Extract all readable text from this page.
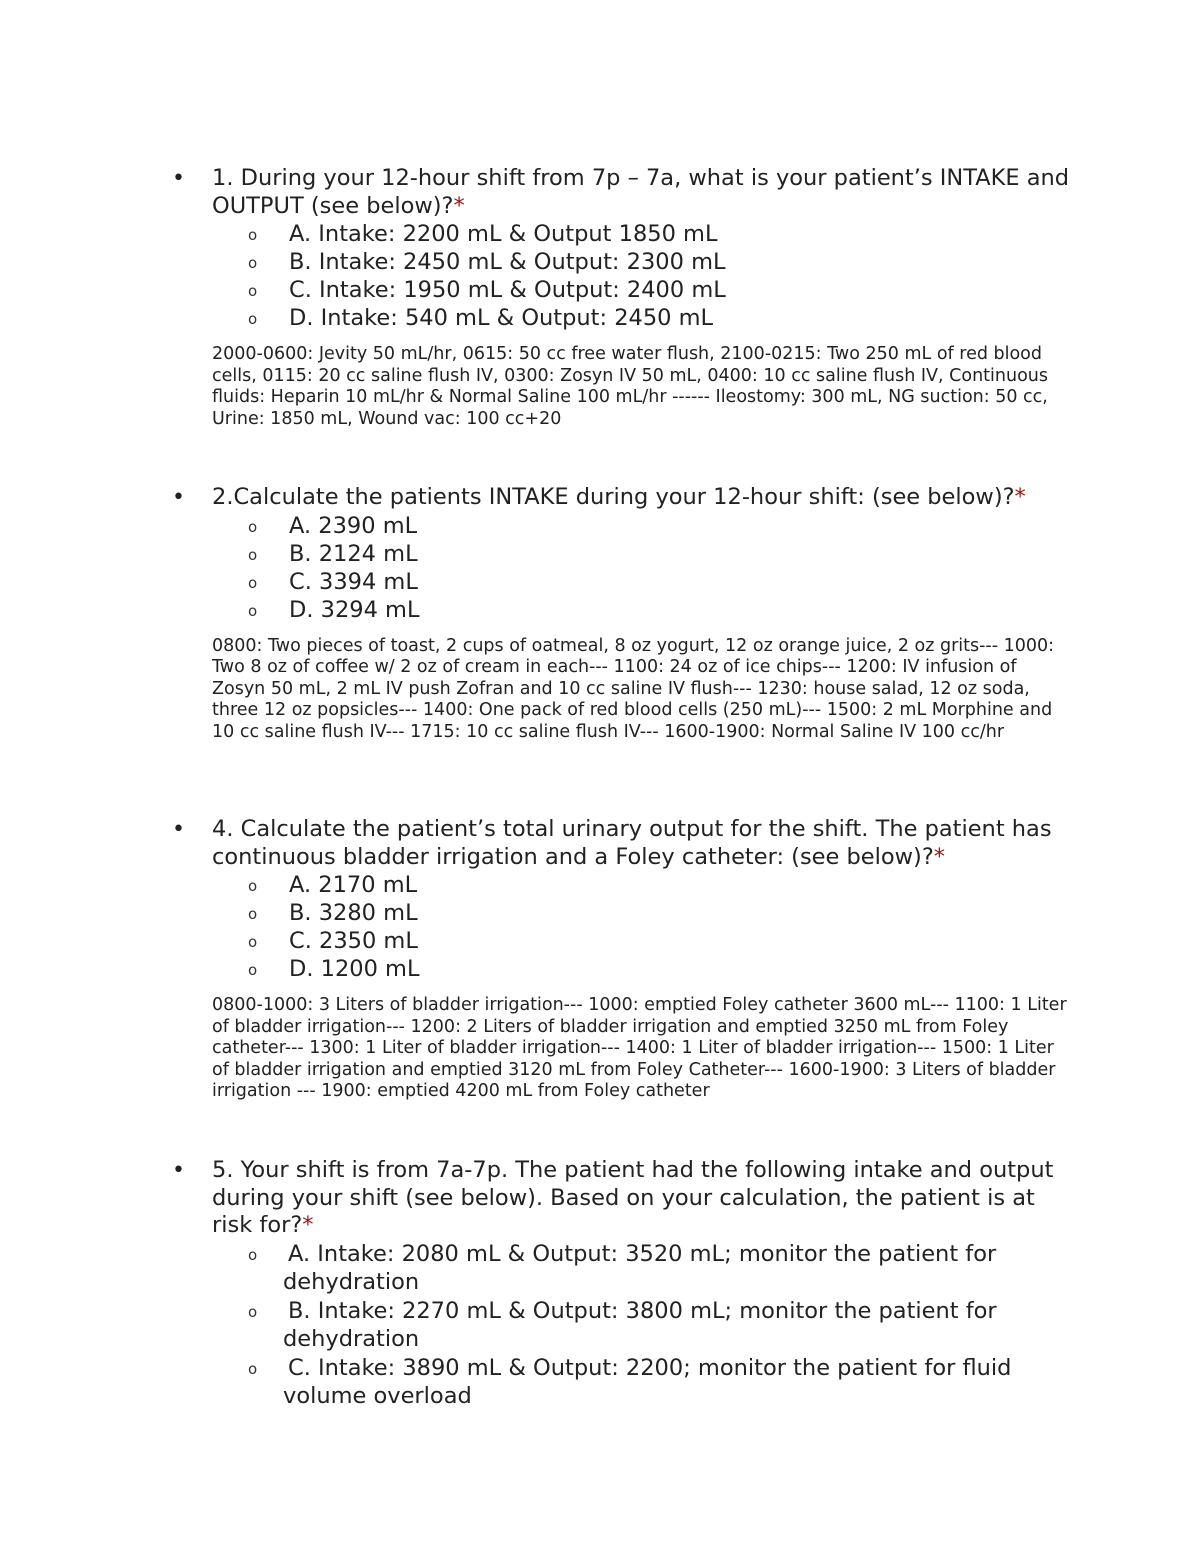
• 1. During your 12-hour shift from 7p – 7a, what is your patient’s INTAKE and OUTPUT (see below)?*
o A. Intake: 2200 mL & Output 1850 mL
o B. Intake: 2450 mL & Output: 2300 mL
o C. Intake: 1950 mL & Output: 2400 mL
o D. Intake: 540 mL & Output: 2450 mL
2000-0600: Jevity 50 mL/hr, 0615: 50 cc free water flush, 2100-0215: Two 250 mL of red blood cells, 0115: 20 cc saline flush IV, 0300: Zosyn IV 50 mL, 0400: 10 cc saline flush IV, Continuous fluids: Heparin 10 mL/hr & Normal Saline 100 mL/hr ------ Ileostomy: 300 mL, NG suction: 50 cc, Urine: 1850 mL, Wound vac: 100 cc+20
• 2.Calculate the patients INTAKE during your 12-hour shift: (see below)?*
o A. 2390 mL
o B. 2124 mL
o C. 3394 mL
o D. 3294 mL
0800: Two pieces of toast, 2 cups of oatmeal, 8 oz yogurt, 12 oz orange juice, 2 oz grits--- 1000: Two 8 oz of coffee w/ 2 oz of cream in each--- 1100: 24 oz of ice chips--- 1200: IV infusion of Zosyn 50 mL, 2 mL IV push Zofran and 10 cc saline IV flush--- 1230: house salad, 12 oz soda, three 12 oz popsicles--- 1400: One pack of red blood cells (250 mL)--- 1500: 2 mL Morphine and 10 cc saline flush IV--- 1715: 10 cc saline flush IV--- 1600-1900: Normal Saline IV 100 cc/hr
• 4. Calculate the patient’s total urinary output for the shift. The patient has continuous bladder irrigation and a Foley catheter: (see below)?*
o A. 2170 mL
o B. 3280 mL
o C. 2350 mL
o D. 1200 mL
0800-1000: 3 Liters of bladder irrigation--- 1000: emptied Foley catheter 3600 mL--- 1100: 1 Liter of bladder irrigation--- 1200: 2 Liters of bladder irrigation and emptied 3250 mL from Foley catheter--- 1300: 1 Liter of bladder irrigation--- 1400: 1 Liter of bladder irrigation--- 1500: 1 Liter of bladder irrigation and emptied 3120 mL from Foley Catheter--- 1600-1900: 3 Liters of bladder irrigation --- 1900: emptied 4200 mL from Foley catheter
• 5. Your shift is from 7a-7p. The patient had the following intake and output during your shift (see below). Based on your calculation, the patient is at risk for?*
o A. Intake: 2080 mL & Output: 3520 mL; monitor the patient for dehydration
o B. Intake: 2270 mL & Output: 3800 mL; monitor the patient for dehydration
o C. Intake: 3890 mL & Output: 2200; monitor the patient for fluid volume overload
